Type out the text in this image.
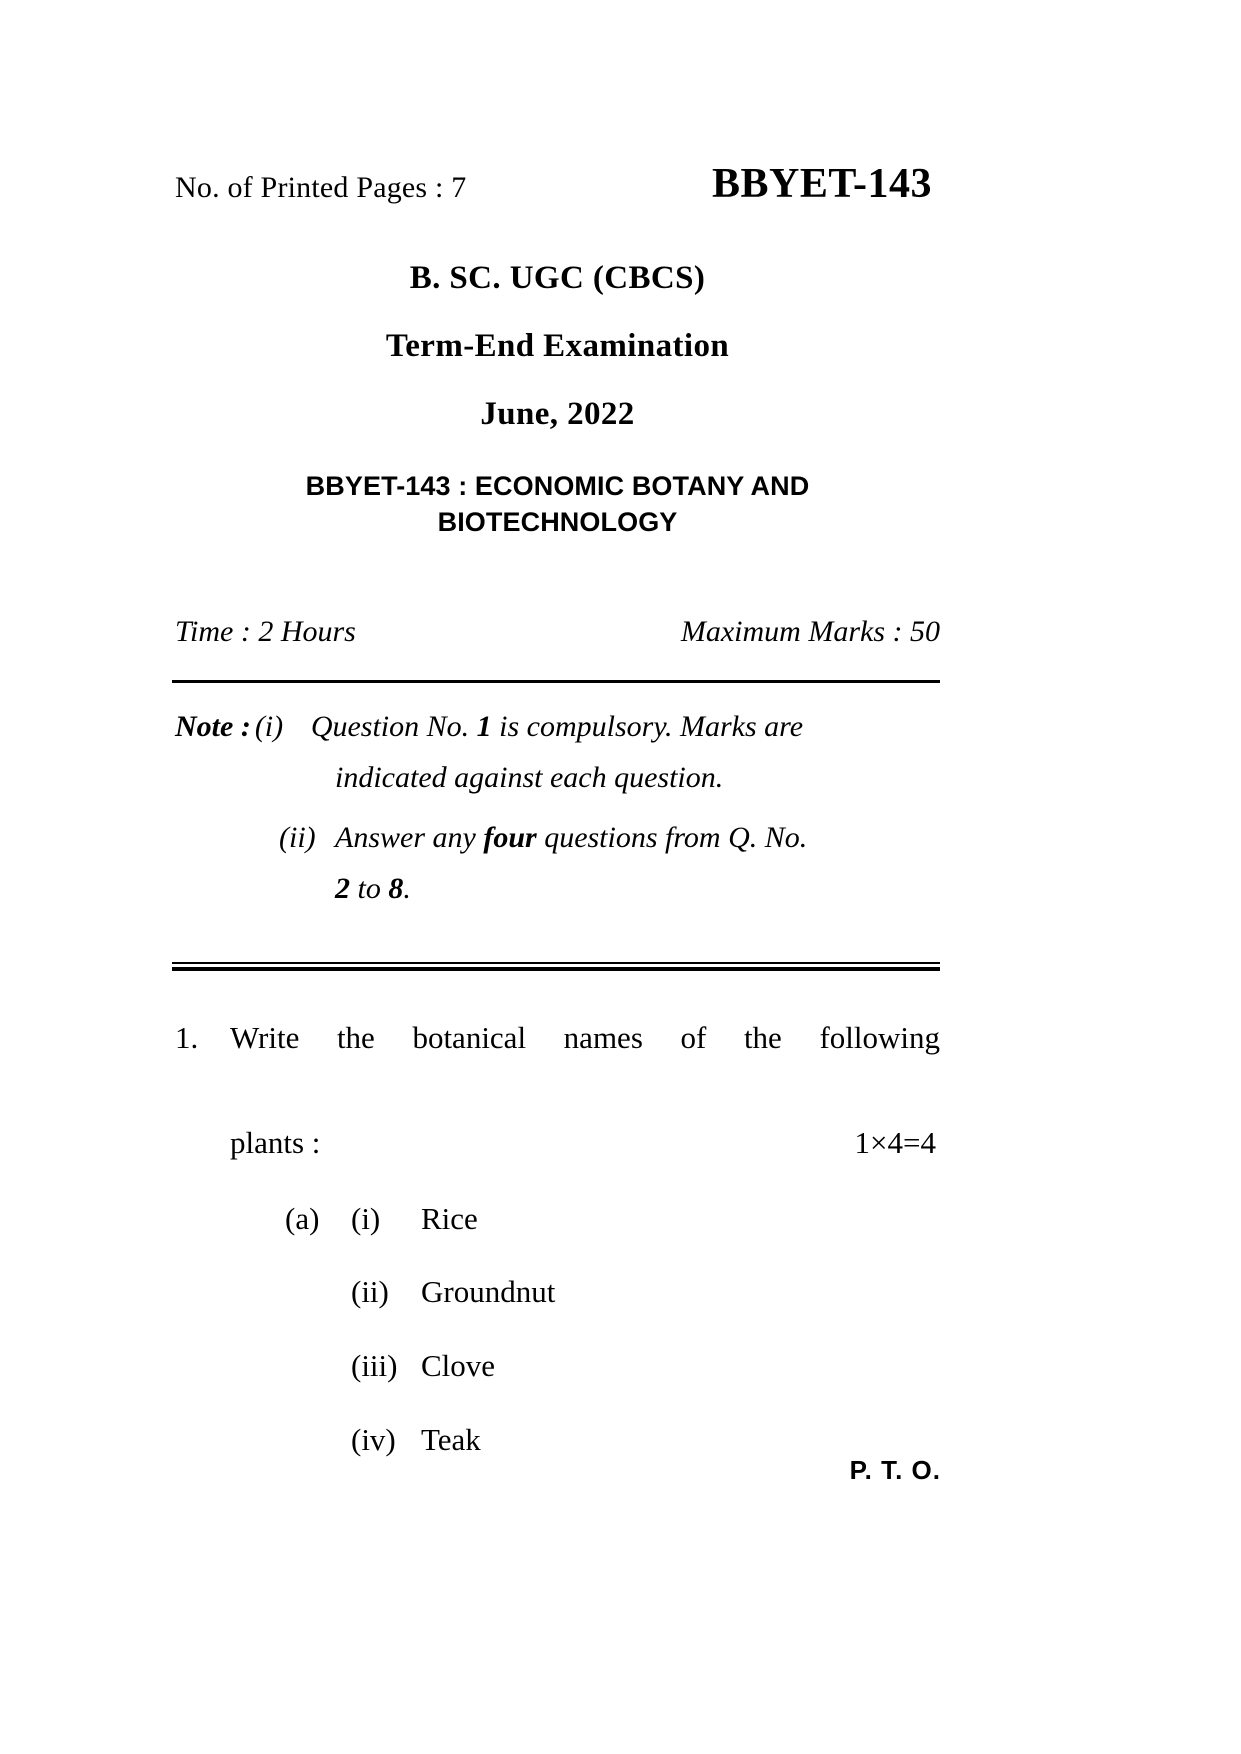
No. of Printed Pages : 7	BBYET-143
B. SC. UGC (CBCS)
Term-End Examination
June, 2022
BBYET-143 : ECONOMIC BOTANY AND BIOTECHNOLOGY
Time : 2 Hours	Maximum Marks : 50
Note : (i) Question No. 1 is compulsory. Marks are
indicated against each question.
(ii) Answer any four questions from Q. No.
2 to 8.
1.	Write the botanical names of the following
plants :	1×4=4
(a)	(i)	Rice
(ii)	Groundnut
(iii) Clove
(iv) Teak
P. T. O.
